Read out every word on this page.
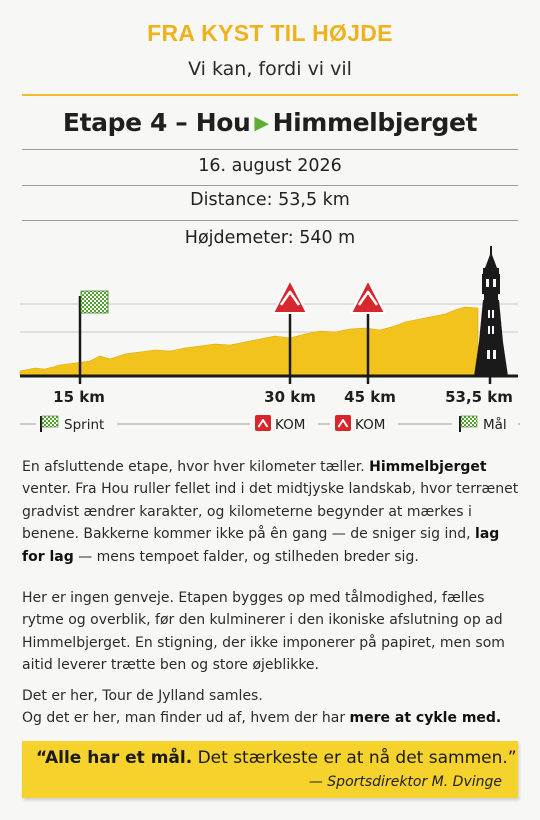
FRA KYST TIL HØJDE
Vi kan, fordi vi vil
Etape 4 – Hou ▶ Himmelbjerget
16. august 2026
Distance: 53,5 km
Højdemeter: 540 m
15 km	30 km 45 km	53,5 km
Sprint	KOM	KOM	Mål

En afsluttende etape, hvor hver kilometer tæller. Himmelbjerget venter. Fra Hou ruller fellet ind i det midtjyske landskab, hvor terrænet gradvist ændrer karakter, og kilometerne begynder at mærkes i benene. Bakkerne kommer ikke på ên gang — de sniger sig ind, lag for lag — mens tempoet falder, og stilheden breder sig.

Her er ingen genveje. Etapen bygges op med tålmodighed, fælles rytme og overblik, før den kulminerer i den ikoniske afslutning op ad Himmelbjerget. En stigning, der ikke imponerer på papiret, men som aitid leverer trætte ben og store øjeblikke.

Det er her, Tour de Jylland samles.
Og det er her, man finder ud af, hvem der har mere at cykle med.

“Alle har et mål. Det stærkeste er at nå det sammen.”
— Sportsdirektor M. Dvinge
